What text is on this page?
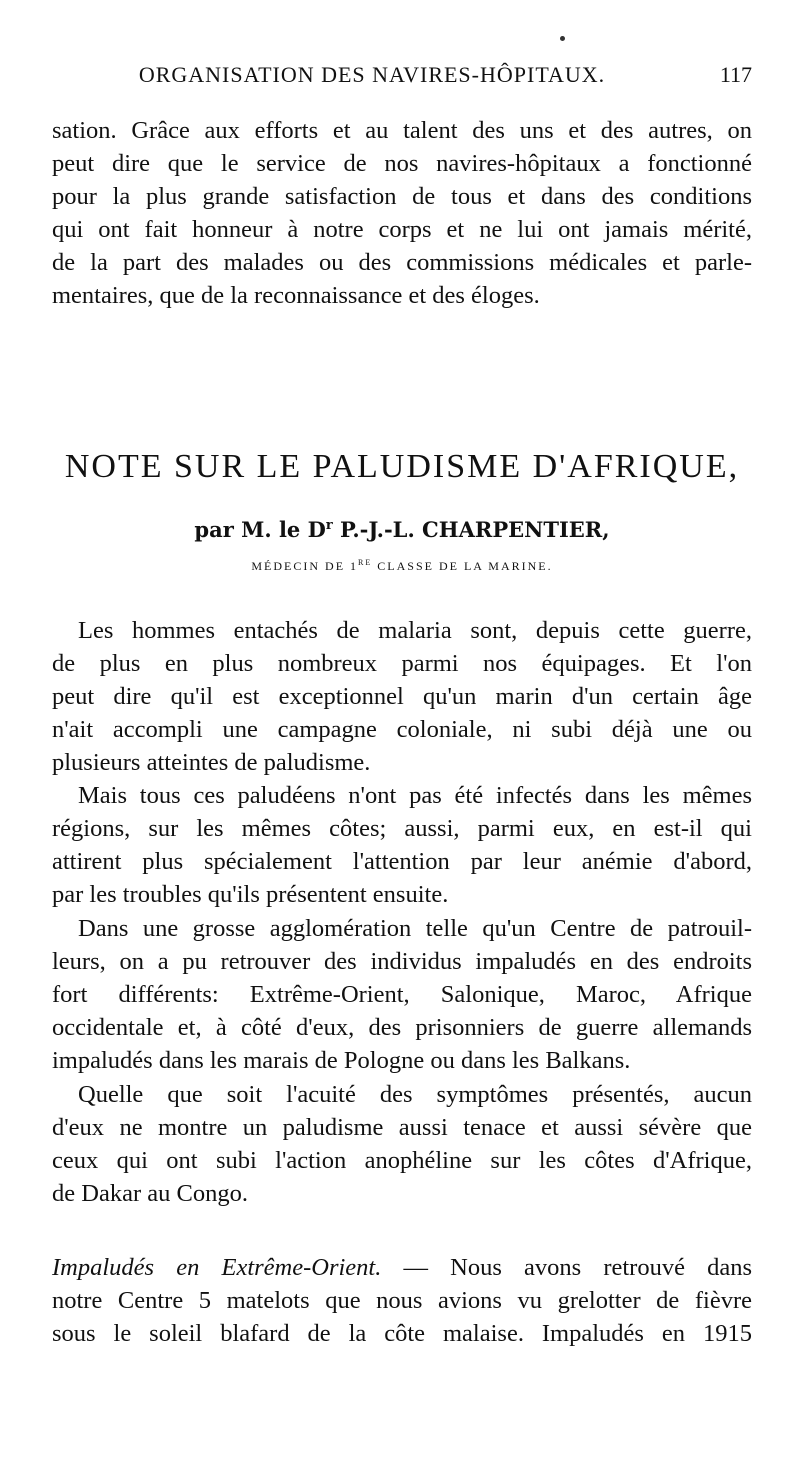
ORGANISATION DES NAVIRES-HÔPITAUX.	117
sation. Grâce aux efforts et au talent des uns et des autres, on
peut dire que le service de nos navires-hôpitaux a fonctionné
pour la plus grande satisfaction de tous et dans des conditions
qui ont fait honneur à notre corps et ne lui ont jamais mérité,
de la part des malades ou des commissions médicales et parle-
mentaires, que de la reconnaissance et des éloges.
NOTE SUR LE PALUDISME D'AFRIQUE,
par M. le $D^r$ P.-J.-L. CHARPENTIER,
MÉDECIN DE 1RE CLASSE DE LA MARINE.
Les hommes entachés de malaria sont, depuis cette guerre,
de plus en plus nombreux parmi nos équipages. Et l'on
peut dire qu'il est exceptionnel qu'un marin d'un certain âge
n'ait accompli une campagne coloniale, ni subi déjà une ou
plusieurs atteintes de paludisme.
Mais tous ces paludéens n'ont pas été infectés dans les mêmes
régions, sur les mêmes côtes; aussi, parmi eux, en est-il qui
attirent plus spécialement l'attention par leur anémie d'abord,
par les troubles qu'ils présentent ensuite.
Dans une grosse agglomération telle qu'un Centre de patrouil-
leurs, on a pu retrouver des individus impaludés en des endroits
fort différents: Extrême-Orient, Salonique, Maroc, Afrique
occidentale et, à côté d'eux, des prisonniers de guerre allemands
impaludés dans les marais de Pologne ou dans les Balkans.
Quelle que soit l'acuité des symptômes présentés, aucun
d'eux ne montre un paludisme aussi tenace et aussi sévère que
ceux qui ont subi l'action anophéline sur les côtes d'Afrique,
de Dakar au Congo.
Impaludés en Extrême-Orient. — Nous avons retrouvé dans
notre Centre 5 matelots que nous avions vu grelotter de fièvre
sous le soleil blafard de la côte malaise. Impaludés en 1915
